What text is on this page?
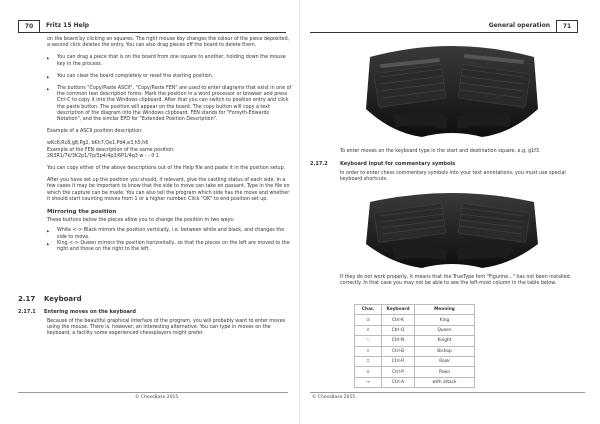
70	Fritz 15 Help

on the board by clicking on squares. The right mouse key changes the colour of the piece deposited, a second click deletes the entry. You can also drag pieces off the board to delete them.

▶ You can drag a piece that is on the board from one square to another, holding down the mouse key in the process.

▶ You can clear the board completely or reset the starting position.

▶ The buttons "Copy/Paste ASCII", "Copy/Paste FEN" are used to enter diagrams that exist in one of the common text description forms. Mark the position in a word processor or browser and press Ctrl-C to copy it into the Windows clipboard. After that you can switch to position entry and click the paste button. The position will appear on the board. The copy button will copy a text description of the diagram into the Windows clipboard. FEN stands for "Forsyth-Edwards Notation", and the similar EPD for "Extended Position Description".

Example of a ASCII position description:

wKc6,Rc8,g8,Pg2, bKh7,Qe1,Pd4,e3,h5,h6

Example of the FEN description of the same position:

2R3R1/7k/3K2p1/7p/3p4/4p3/6P1/4q3 w - - 0 1

You can copy either of the above descriptions out of the Help file and paste it in the position setup.

After you have set up the position you should, if relevant, give the castling status of each side. In a few cases it may be important to know that the side to move can take en passant. Type in the file on which the capture can be made. You can also tell the program which side has the move and whether it should start counting moves from 1 or a higher number. Click "OK" to end position set up.

Mirroring the position

These buttons below the pieces allow you to change the position in two ways:

▶ White <-> Black mirrors the position vertically, i.e. between white and black, and changes the side to move.

▶ King <-> Queen mirrors the position horizontally, so that the pieces on the left are moved to the right and those on the right to the left.

2.17 Keyboard
2.17.1 Entering moves on the keyboard

Because of the beautiful graphical interface of the program, you will probably want to enter moves using the mouse. There is, however, an interesting alternative. You can type in moves on the keyboard, a facility some experienced chessplayers might prefer.

© ChessBase 2015
General operation	71
To enter moves on the keyboard type in the start and destination square, e.g. g1f3.
2.17.2 Keyboard input for commentary symbols
In order to enter chess commentary symbols into your text annotations, you must use special keyboard shortcuts.
If they do not work properly, it means that the TrueType font "Figurine..." has not been installed correctly. In that case you may not be able to see the left-most column in the table below.
Char.	Keyboard	Meaning
♔	Ctrl-K	King
♕	Ctrl-Q	Queen
♘	Ctrl-N	Knight
♗	Ctrl-B	Bishop
♖	Ctrl-R	Rook
♙	Ctrl-P	Pawn
→	Ctrl-A	with attack
© ChessBase 2015
